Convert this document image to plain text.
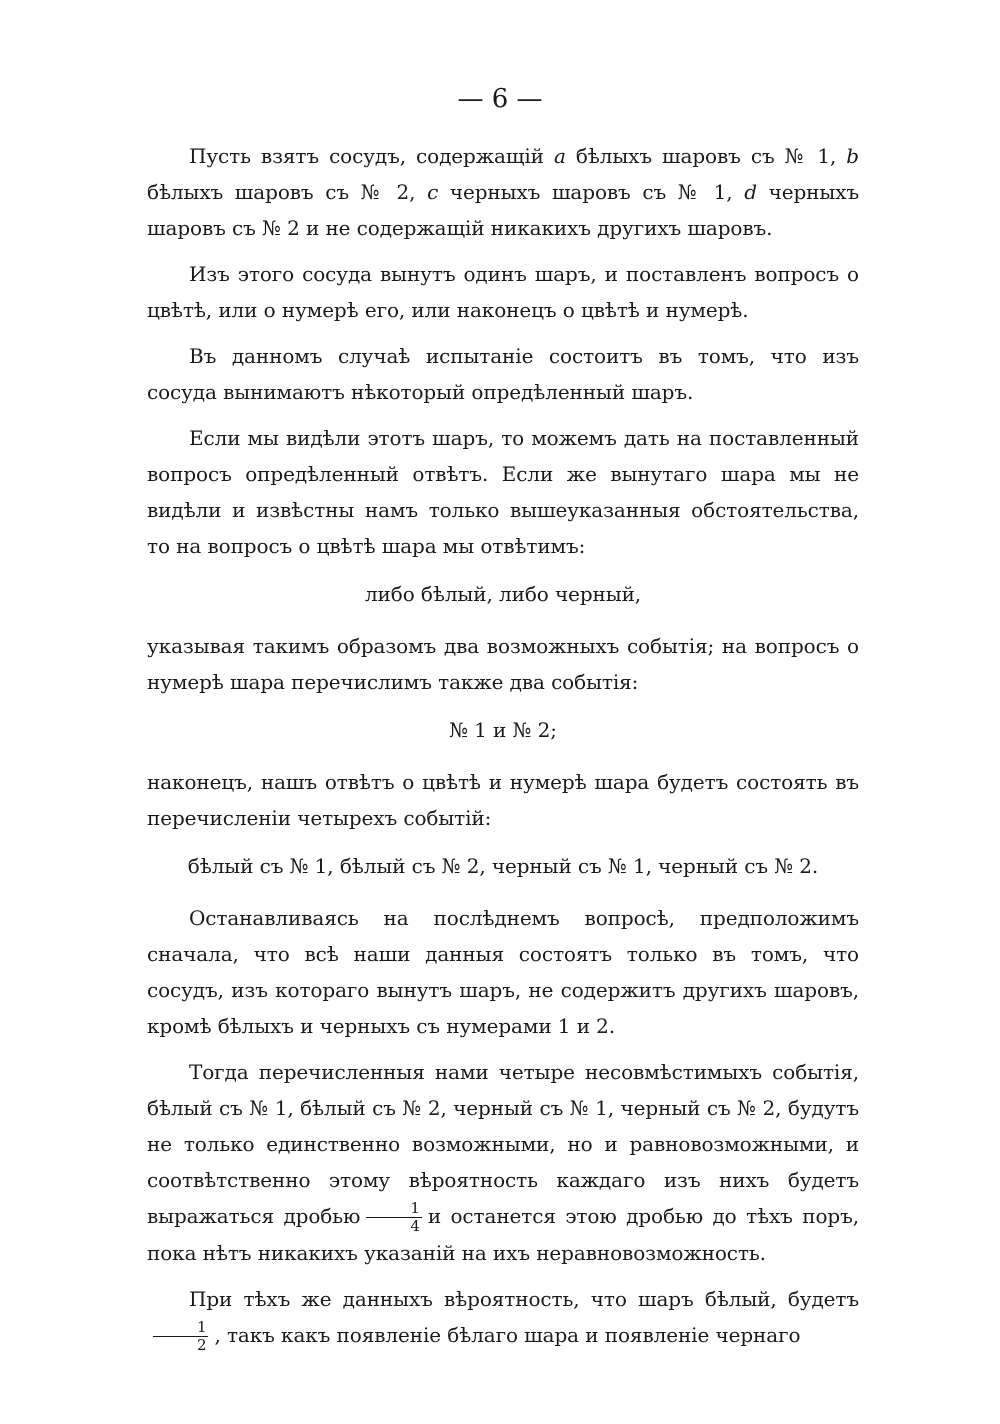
— 6 —

Пусть взятъ сосудъ, содержащій a бѣлыхъ шаровъ съ № 1, b бѣлыхъ шаровъ съ № 2, c черныхъ шаровъ съ № 1, d черныхъ шаровъ съ № 2 и не содержащій никакихъ другихъ шаровъ.

Изъ этого сосуда вынутъ одинъ шаръ, и поставленъ вопросъ о цвѣтѣ, или о нумерѣ его, или наконецъ о цвѣтѣ и нумерѣ.

Въ данномъ случаѣ испытаніе состоитъ въ томъ, что изъ сосуда вынимаютъ нѣкоторый опредѣленный шаръ.

Если мы видѣли этотъ шаръ, то можемъ дать на поставленный вопросъ опредѣленный отвѣтъ. Если же вынутаго шара мы не видѣли и извѣстны намъ только вышеуказанныя обстоятельства, то на вопросъ о цвѣтѣ шара мы отвѣтимъ:

либо бѣлый, либо черный,

указывая такимъ образомъ два возможныхъ событія; на вопросъ о нумерѣ шара перечислимъ также два событія:

№ 1 и № 2;

наконецъ, нашъ отвѣтъ о цвѣтѣ и нумерѣ шара будетъ состоять въ перечисленіи четырехъ событій:

бѣлый съ № 1, бѣлый съ № 2, черный съ № 1, черный съ № 2.

Останавливаясь на послѣднемъ вопросѣ, предположимъ сначала, что всѣ наши данныя состоятъ только въ томъ, что сосудъ, изъ котораго вынутъ шаръ, не содержитъ другихъ шаровъ, кромѣ бѣлыхъ и черныхъ съ нумерами 1 и 2.

Тогда перечисленныя нами четыре несовмѣстимыхъ событія, бѣлый съ № 1, бѣлый съ № 2, черный съ № 1, черный съ № 2, будутъ не только единственно возможными, но и равновозможными, и соотвѣтственно этому вѣроятность каждаго изъ нихъ будетъ выражаться дробью $\frac{1}{4}$ и останется этою дробью до тѣхъ поръ, пока нѣтъ никакихъ указаній на ихъ неравновозможность.

При тѣхъ же данныхъ вѣроятность, что шаръ бѣлый, будетъ
$\frac{1}{2}$ , такъ какъ появленіе бѣлаго шара и появленіе чернаго
